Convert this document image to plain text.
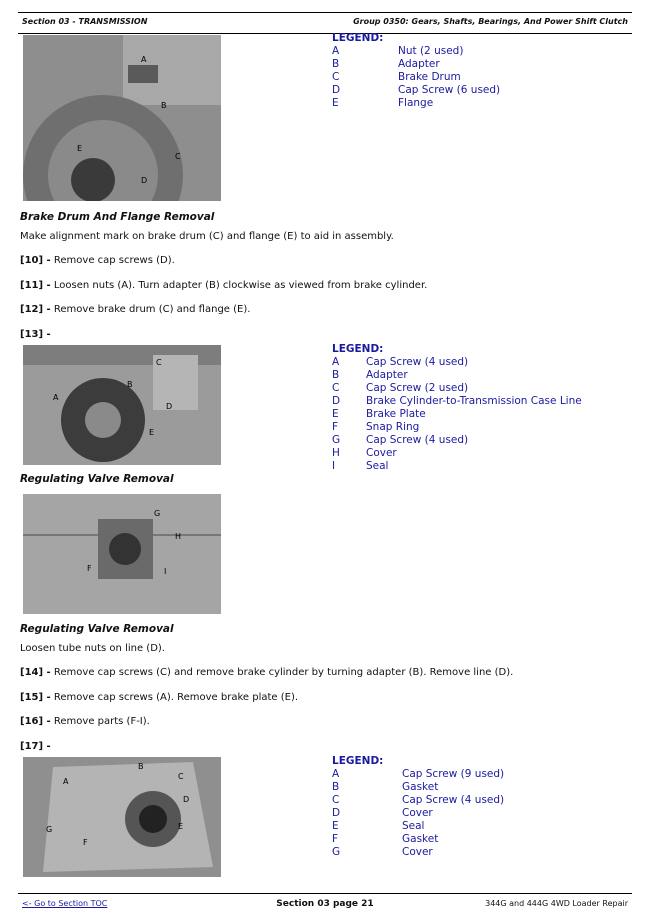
Section 03 - TRANSMISSION	Group 0350: Gears, Shafts, Bearings, And Power Shift Clutch
A
B
C
D
E
LEGEND:
A	Nut (2 used)
B	Adapter
C	Brake Drum
D	Cap Screw (6 used)
E	Flange
Brake Drum And Flange Removal
Make alignment mark on brake drum (C) and flange (E) to aid in assembly.
[10] - Remove cap screws (D).
[11] - Loosen nuts (A). Turn adapter (B) clockwise as viewed from brake cylinder.
[12] - Remove brake drum (C) and flange (E).
[13] -
A
B
C
D
E
LEGEND:
A	Cap Screw (4 used)
B	Adapter
C	Cap Screw (2 used)
D	Brake Cylinder-to-Transmission Case Line
E	Brake Plate
F	Snap Ring
G	Cap Screw (4 used)
H	Cover
I	Seal
Regulating Valve Removal
F
G
H
I
Regulating Valve Removal
Loosen tube nuts on line (D).
[14] - Remove cap screws (C) and remove brake cylinder by turning adapter (B). Remove line (D).
[15] - Remove cap screws (A). Remove brake plate (E).
[16] - Remove parts (F-I).
[17] -
A
B
C
D
E
F
G
LEGEND:
A	Cap Screw (9 used)
B	Gasket
C	Cap Screw (4 used)
D	Cover
E	Seal
F	Gasket
G	Cover
<- Go to Section TOC	Section 03 page 21	344G and 444G 4WD Loader Repair
